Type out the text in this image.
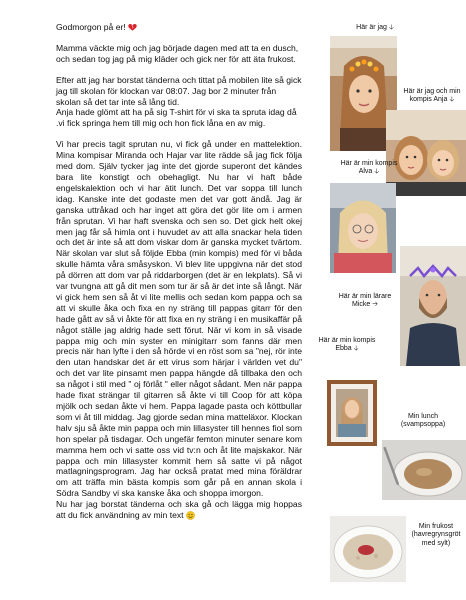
Godmorgon på er!

Mamma väckte mig och jag började dagen med att ta en dusch, och sedan tog jag på mig kläder och gick ner för att äta frukost.

Efter att jag har borstat tänderna och tittat på mobilen lite så gick jag till skolan för klockan var 08:07. Jag bor 2 minuter från skolan så det tar inte så lång tid.

Anja hade glömt att ha på sig T-shirt för vi ska ta spruta idag då .vi fick springa hem till mig och hon fick låna en av mig.

Vi har precis tagit sprutan nu, vi fick gå under en mattelektion. Mina kompisar Miranda och Hajar var lite rädde så jag fick följa med dom. Själv tycker jag inte det gjorde superont det kändes bara lite konstigt och obehagligt. Nu har vi haft både engelskalektion och vi har ätit lunch. Det var soppa till lunch idag. Kanske inte det godaste men det var gott ändå. Jag är ganska uttråkad och har inget att göra det gör lite om i armen från sprutan. Vi har haft svenska och sen so. Det gick helt okej men jag får så himla ont i huvudet av att alla snackar hela tiden och det är inte så att dom viskar dom är ganska mycket tvärtom. När skolan var slut så följde Ebba (min kompis) med för vi båda skulle hämta våra småsyskon. Vi blev lite uppgivna när det stod på dörren att dom var på riddarborgen (det är en lekplats). Så vi var tvungna att gå dit men som tur är så är det inte så långt. När vi gick hem sen så åt vi lite mellis och sedan kom pappa och sa att vi skulle åka och fixa en ny sträng till pappas gitarr för den hade gått av så vi åkte för att fixa en ny sträng i en musikaffär på något ställe jag aldrig hade sett förut. När vi kom in så visade pappa mig och min syster en minigitarr som fanns där men precis när han lyfte i den så hörde vi en röst som sa "nej, rör inte den utan handskar det är ett virus som härjar i världen vet du" och det var lite pinsamt men pappa hängde då tillbaka den och sa något i stil med " oj förlåt " eller något sådant. Men när pappa hade fixat strängar til gitarren så åkte vi till Coop för att köpa mjölk och sedan åkte vi hem. Pappa lagade pasta och köttbullar som vi åt till middag. Jag gjorde sedan mina matteläxor. Klockan halv sju så åkte min pappa och min lillasyster till hennes fiol som hon spelar på tisdagar. Och ungefär femton minuter senare kom mamma hem och vi satte oss vid tv:n och åt lite majskakor. När pappa och min lillasyster kommit hem så satte vi på något matlagningsprogram. Jag har också pratat med mina föräldrar om att träffa min bästa kompis som går på en annan skola i Södra Sandby vi ska kanske åka och shoppa imorgon.

Nu har jag borstat tänderna och ska gå och lägga mig hoppas att du fick användning av min text

Här är jag 🡣
Här är jag och min kompis Anja 🡣
Här är min kompis Alva 🡣
Här är min lärare Micke 🡢
Här är min kompis Ebba 🡣
Min lunch (svampsoppa)
Min frukost (havregrynsgröt med sylt)
